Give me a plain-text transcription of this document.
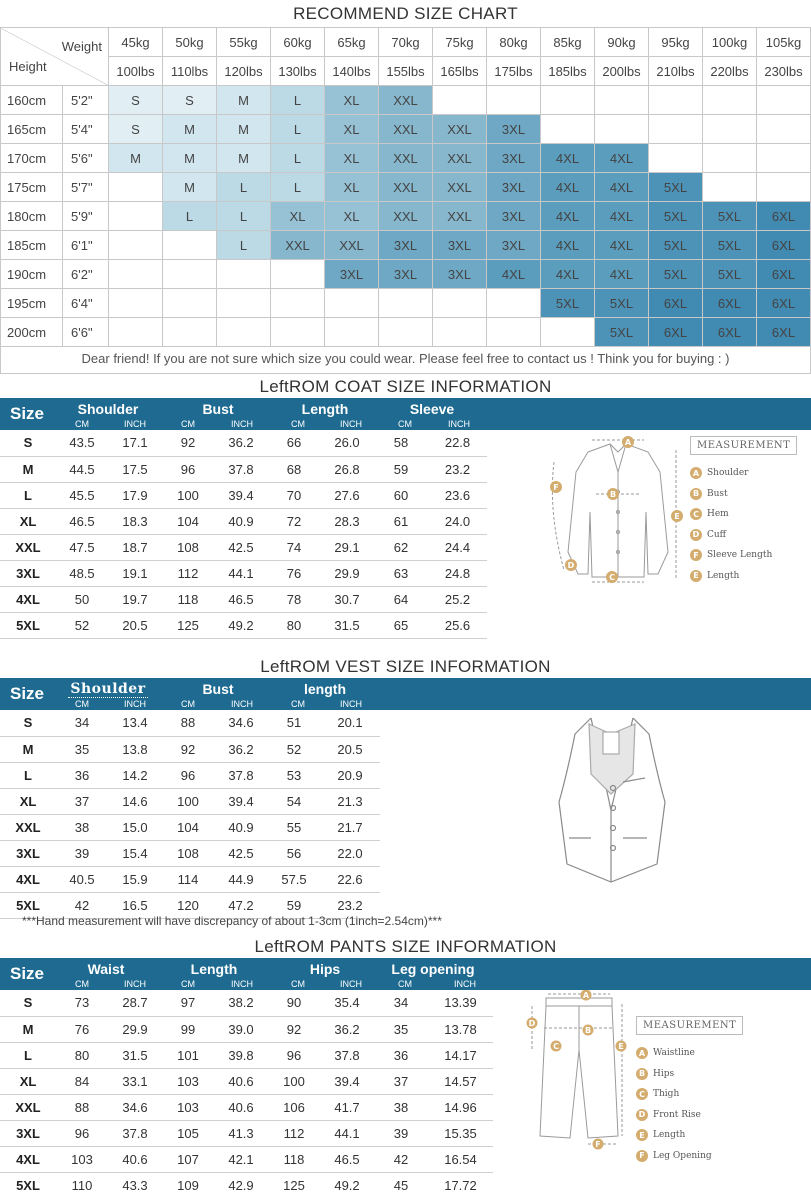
RECOMMEND SIZE CHART
Weight
Height		45kg	50kg	55kg	60kg	65kg	70kg	75kg	80kg	85kg	90kg	95kg	100kg	105kg
		100lbs	110lbs	120lbs	130lbs	140lbs	155lbs	165lbs	175lbs	185lbs	200lbs	210lbs	220lbs	230lbs
160cm	5'2"	S	S	M	L	XL	XXL							
165cm	5'4"	S	M	M	L	XL	XXL	XXL	3XL					
170cm	5'6"	M	M	M	L	XL	XXL	XXL	3XL	4XL	4XL			
175cm	5'7"		M	L	L	XL	XXL	XXL	3XL	4XL	4XL	5XL		
180cm	5'9"		L	L	XL	XL	XXL	XXL	3XL	4XL	4XL	5XL	5XL	6XL
185cm	6'1"			L	XXL	XXL	3XL	3XL	3XL	4XL	4XL	5XL	5XL	6XL
190cm	6'2"					3XL	3XL	3XL	4XL	4XL	4XL	5XL	5XL	6XL
195cm	6'4"									5XL	5XL	6XL	6XL	6XL
200cm	6'6"										5XL	6XL	6XL	6XL
Dear friend! If you are not sure which size you could wear. Please feel free to contact us ! Think you for buying : )
LeftROM COAT SIZE INFORMATION
Size	Shoulder
CM	INCH
Bust
CM	INCH
Length
CM	INCH
Sleeve
CM	INCH
S	43.5	17.1	92	36.2	66	26.0	58	22.8
M	44.5	17.5	96	37.8	68	26.8	59	23.2
L	45.5	17.9	100	39.4	70	27.6	60	23.6
XL	46.5	18.3	104	40.9	72	28.3	61	24.0
XXL	47.5	18.7	108	42.5	74	29.1	62	24.4
3XL	48.5	19.1	112	44.1	76	29.9	63	24.8
4XL	50	19.7	118	46.5	78	30.7	64	25.2
5XL	52	20.5	125	49.2	80	31.5	65	25.6
A
B
C
D
E
F
MEASUREMENT
A Shoulder
B Bust
C Hem
D Cuff
F Sleeve Length
E Length
LeftROM VEST SIZE INFORMATION
Size Shoulder
CM	INCH
Bust
CM	INCH
length
CM	INCH
S	34	13.4	88	34.6	51	20.1
M	35	13.8	92	36.2	52	20.5
L	36	14.2	96	37.8	53	20.9
XL	37	14.6	100	39.4	54	21.3
XXL	38	15.0	104	40.9	55	21.7
3XL	39	15.4	108	42.5	56	22.0
4XL	40.5	15.9	114	44.9	57.5	22.6
5XL	42	16.5	120	47.2	59	23.2
***Hand measurement will have discrepancy of about 1-3cm (1inch=2.54cm)***
LeftROM PANTS SIZE INFORMATION
Size	Waist
CM	INCH
Length
CM	INCH
Hips
CM	INCH
Leg opening
CM	INCH
S	73	28.7	97	38.2	90	35.4	34	13.39
M	76	29.9	99	39.0	92	36.2	35	13.78
L	80	31.5	101	39.8	96	37.8	36	14.17
XL	84	33.1	103	40.6	100	39.4	37	14.57
XXL	88	34.6	103	40.6	106	41.7	38	14.96
3XL	96	37.8	105	41.3	112	44.1	39	15.35
4XL	103	40.6	107	42.1	118	46.5	42	16.54
5XL	110	43.3	109	42.9	125	49.2	45	17.72
A
B
C
D
E
F
MEASUREMENT
A Waistline
B Hips
C Thigh
D Front Rise
E Length
F Leg Opening
